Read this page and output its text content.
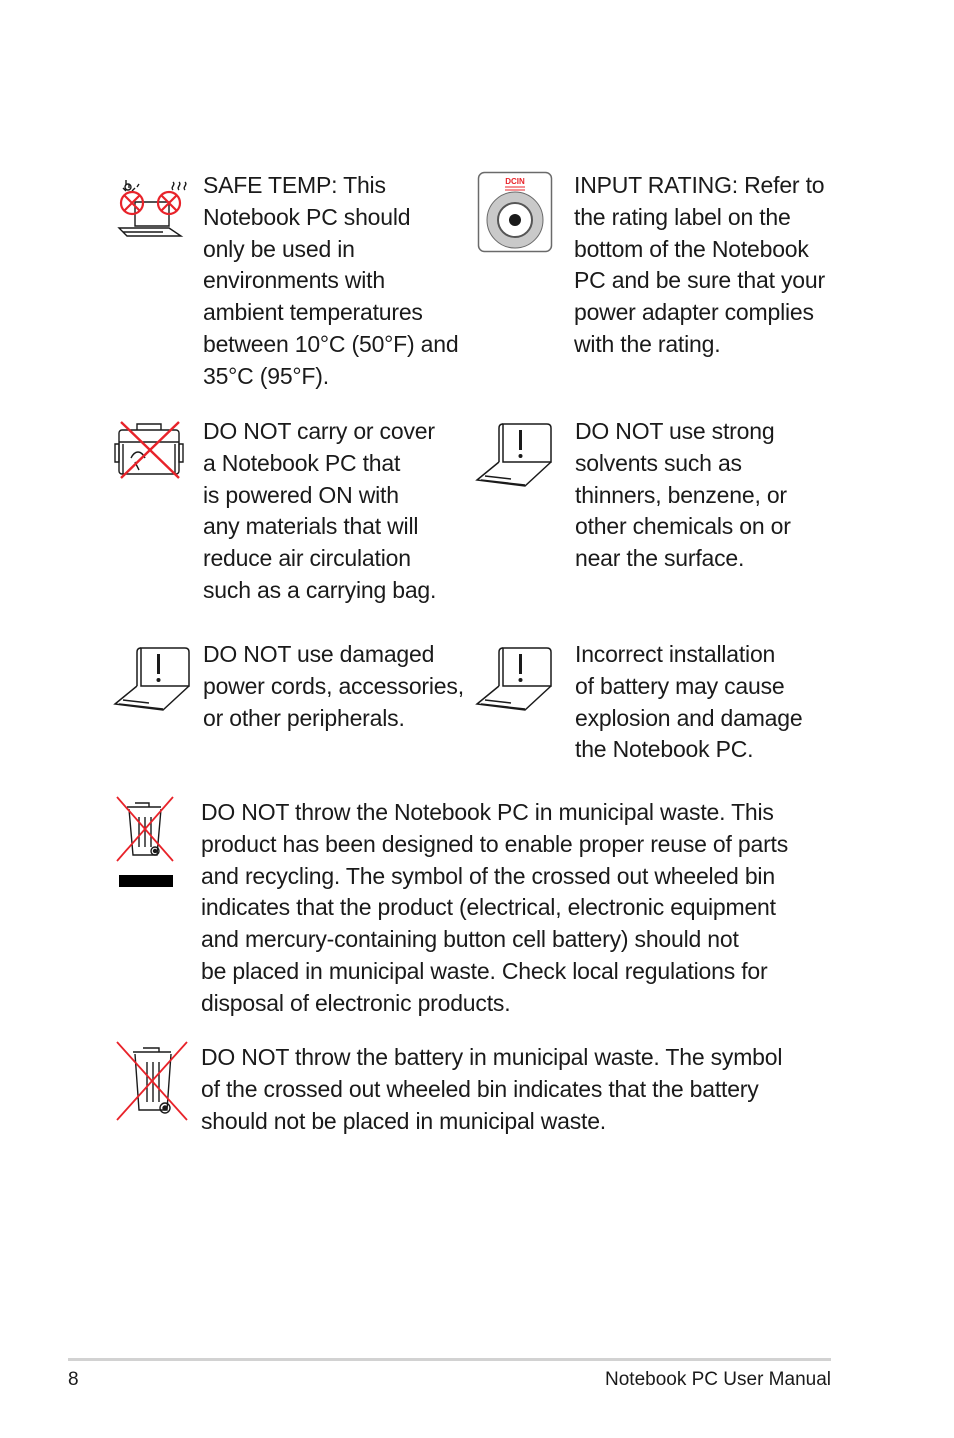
SAFE TEMP: This
Notebook PC should
only be used in
environments with
ambient temperatures
between 10°C (50°F) and
35°C (95°F).
DCIN INPUT RATING: Refer to
the rating label on the
bottom of the Notebook
PC and be sure that your
power adapter complies
with the rating.
DO NOT carry or cover
a Notebook PC that
is powered ON with
any materials that will
reduce air circulation
such as a carrying bag.
DO NOT use strong
solvents such as
thinners, benzene, or
other chemicals on or
near the surface.
DO NOT use damaged
power cords, accessories,
or other peripherals.
Incorrect installation
of battery may cause
explosion and damage
the Notebook PC.
DO NOT throw the Notebook PC in municipal waste. This
product has been designed to enable proper reuse of parts
and recycling. The symbol of the crossed out wheeled bin
indicates that the product (electrical, electronic equipment
and mercury-containing button cell battery) should not
be placed in municipal waste. Check local regulations for
disposal of electronic products.
DO NOT throw the battery in municipal waste. The symbol
of the crossed out wheeled bin indicates that the battery
should not be placed in municipal waste.
8	Notebook PC User Manual
